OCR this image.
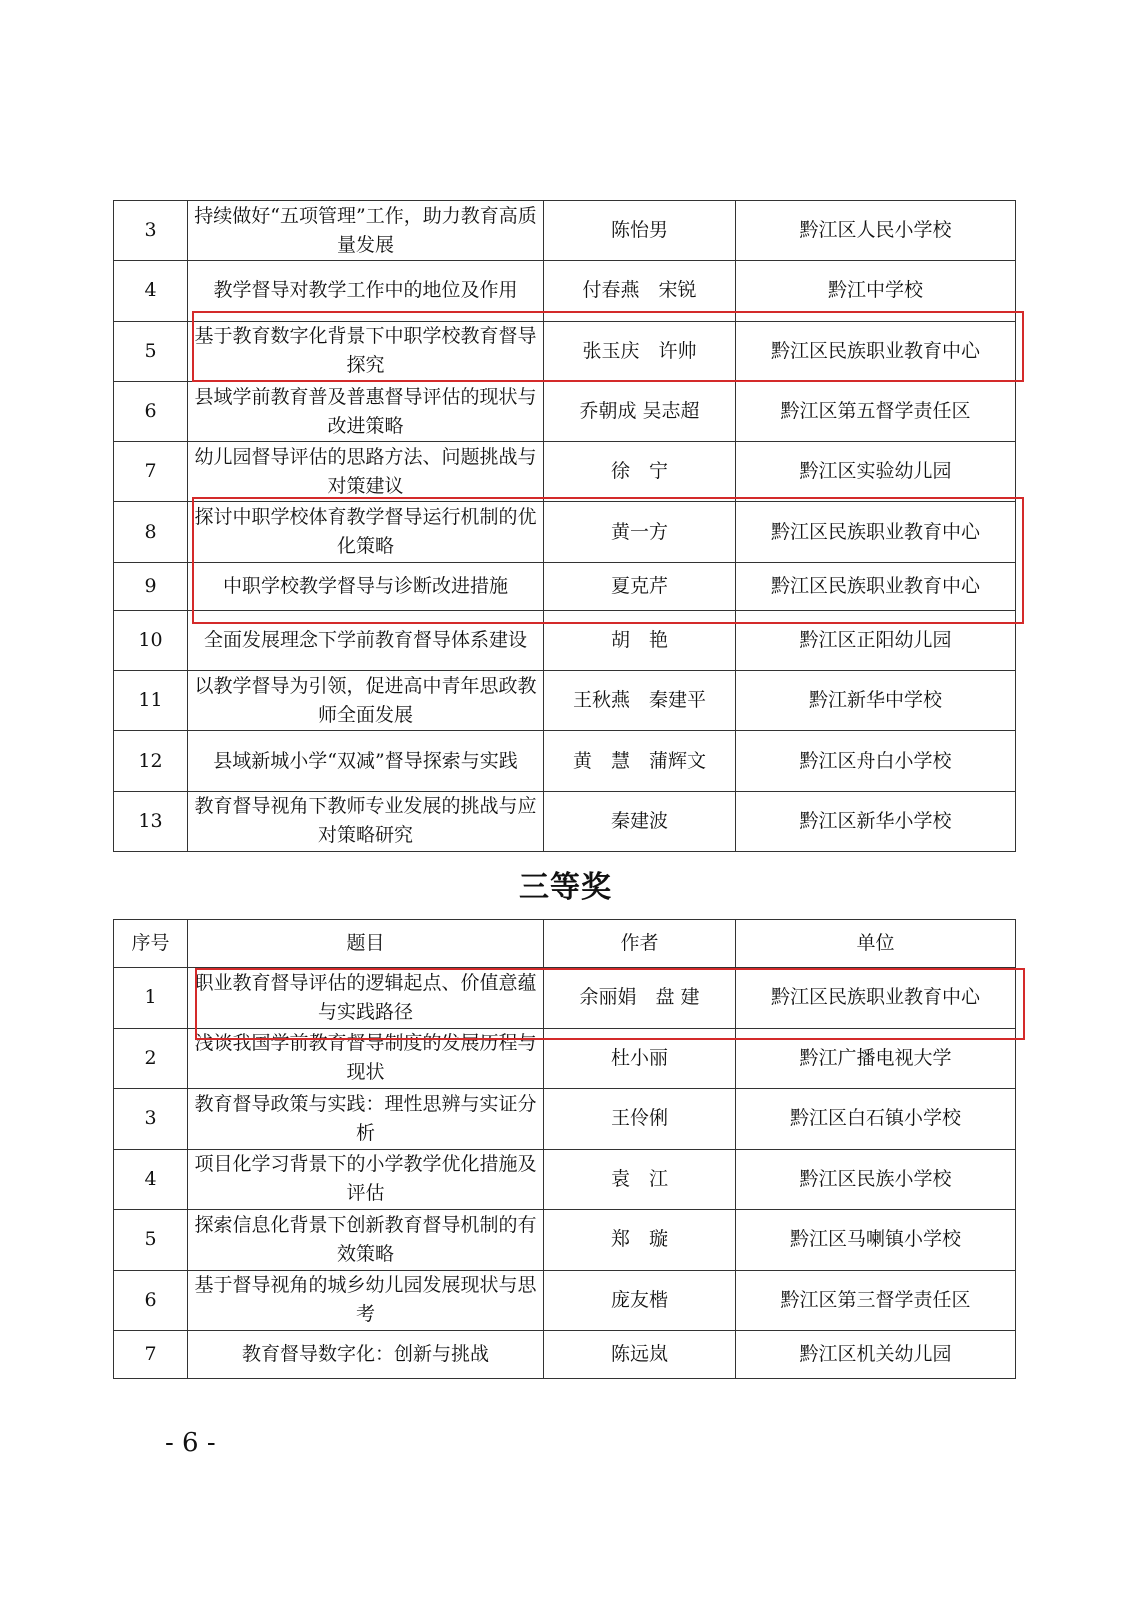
3	持续做好“五项管理”工作，助力教育高质量发展	陈怡男	黔江区人民小学校
4	教学督导对教学工作中的地位及作用	付春燕　宋锐	黔江中学校
5	基于教育数字化背景下中职学校教育督导探究	张玉庆　许帅	黔江区民族职业教育中心
6	县域学前教育普及普惠督导评估的现状与改进策略	乔朝成 吴志超	黔江区第五督学责任区
7	幼儿园督导评估的思路方法、问题挑战与对策建议	徐　宁	黔江区实验幼儿园
8	探讨中职学校体育教学督导运行机制的优化策略	黄一方	黔江区民族职业教育中心
9	中职学校教学督导与诊断改进措施	夏克芹	黔江区民族职业教育中心
10	全面发展理念下学前教育督导体系建设	胡　艳	黔江区正阳幼儿园
11	以教学督导为引领，促进高中青年思政教师全面发展	王秋燕　秦建平	黔江新华中学校
12	县域新城小学“双减”督导探索与实践	黄　慧　蒲辉文	黔江区舟白小学校
13	教育督导视角下教师专业发展的挑战与应对策略研究	秦建波	黔江区新华小学校
三等奖
序号	题目	作者	单位
1	职业教育督导评估的逻辑起点、价值意蕴与实践路径	余丽娟　盘 建	黔江区民族职业教育中心
2	浅谈我国学前教育督导制度的发展历程与现状	杜小丽	黔江广播电视大学
3	教育督导政策与实践：理性思辨与实证分析	王伶俐	黔江区白石镇小学校
4	项目化学习背景下的小学教学优化措施及评估	袁　江	黔江区民族小学校
5	探索信息化背景下创新教育督导机制的有效策略	郑　璇	黔江区马喇镇小学校
6	基于督导视角的城乡幼儿园发展现状与思考	庞友楷	黔江区第三督学责任区
7	教育督导数字化：创新与挑战	陈远岚	黔江区机关幼儿园
- 6 -
